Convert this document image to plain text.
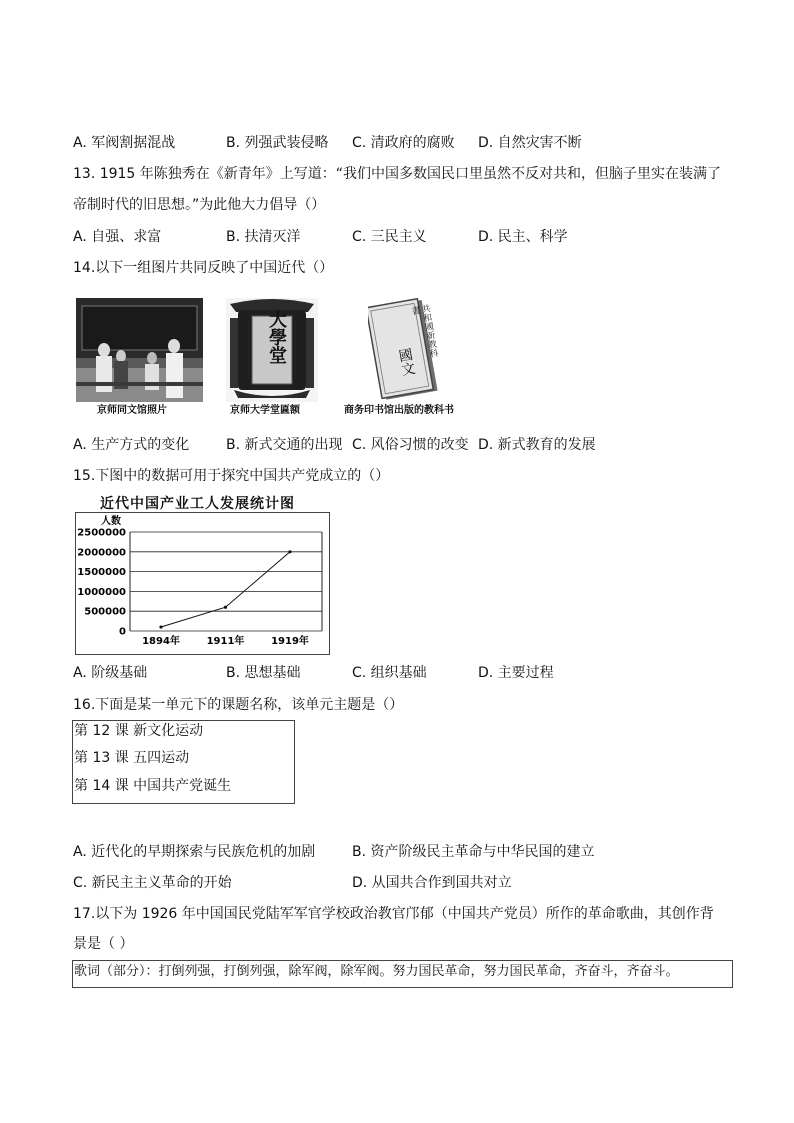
A. 军阀割据混战	B. 列强武装侵略 C. 清政府的腐败 D. 自然灾害不断
13. 1915 年陈独秀在《新青年》上写道：“我们中国多数国民口里虽然不反对共和，但脑子里实在装满了
帝制时代的旧思想。”为此他大力倡导（）
A. 自强、求富	B. 扶清灭洋	C. 三民主义	D. 民主、科学
14.以下一组图片共同反映了中国近代（）
大學堂	共和國新教科書
國文
京师同文馆照片	京师大学堂匾额	商务印书馆出版的教科书
A. 生产方式的变化	B. 新式交通的出现 C. 风俗习惯的改变 D. 新式教育的发展
15.下图中的数据可用于探究中国共产党成立的（）
近代中国产业工人发展统计图
0
500000
1000000
1500000
2000000
2500000
1894年	1911年	1919年
人数
A. 阶级基础	B. 思想基础	C. 组织基础	D. 主要过程
16.下面是某一单元下的课题名称，该单元主题是（）
第 12 课 新文化运动
第 13 课 五四运动
第 14 课 中国共产党诞生
A. 近代化的早期探索与民族危机的加剧	B. 资产阶级民主革命与中华民国的建立
C. 新民主主义革命的开始	D. 从国共合作到国共对立
17.以下为 1926 年中国国民党陆军军官学校政治教官邝郁（中国共产党员）所作的革命歌曲，其创作背
景是（ ）
歌词（部分）：打倒列强，打倒列强，除军阀，除军阀。努力国民革命，努力国民革命，齐奋斗，齐奋斗。
